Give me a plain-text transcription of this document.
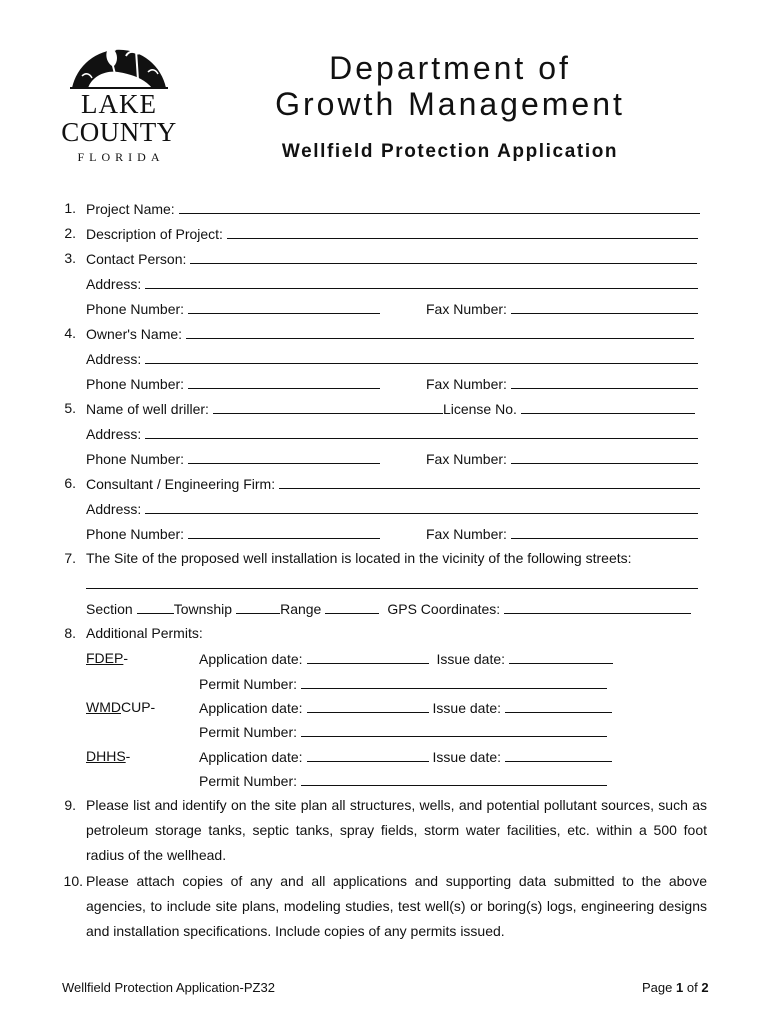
LAKE
COUNTY
FLORIDA
Department of
Growth Management
Wellfield Protection Application
1. Project Name:
2. Description of Project:
3. Contact Person:
Address:
Phone Number:	Fax Number:
4. Owner's Name:
Address:
Phone Number:	Fax Number:
5. Name of well driller:	License No.
Address:
Phone Number:	Fax Number:
6. Consultant / Engineering Firm:
Address:
Phone Number:	Fax Number:
7. The Site of the proposed well installation is located in the vicinity of the following streets:
Section	Township	Range	GPS Coordinates:
8. Additional Permits:
FDEP -	Application date:	Issue date:
Permit Number:
WMD CUP-	Application date:	Issue date:
Permit Number:
DHHS -	Application date:	Issue date:
Permit Number:
9. Please list and identify on the site plan all structures, wells, and potential pollutant sources, such as petroleum storage tanks, septic tanks, spray fields, storm water facilities, etc. within a 500 foot radius of the wellhead.
10. Please attach copies of any and all applications and supporting data submitted to the above agencies, to include site plans, modeling studies, test well(s) or boring(s) logs, engineering designs and installation specifications. Include copies of any permits issued.
Wellfield Protection Application-PZ32	Page 1 of 2
